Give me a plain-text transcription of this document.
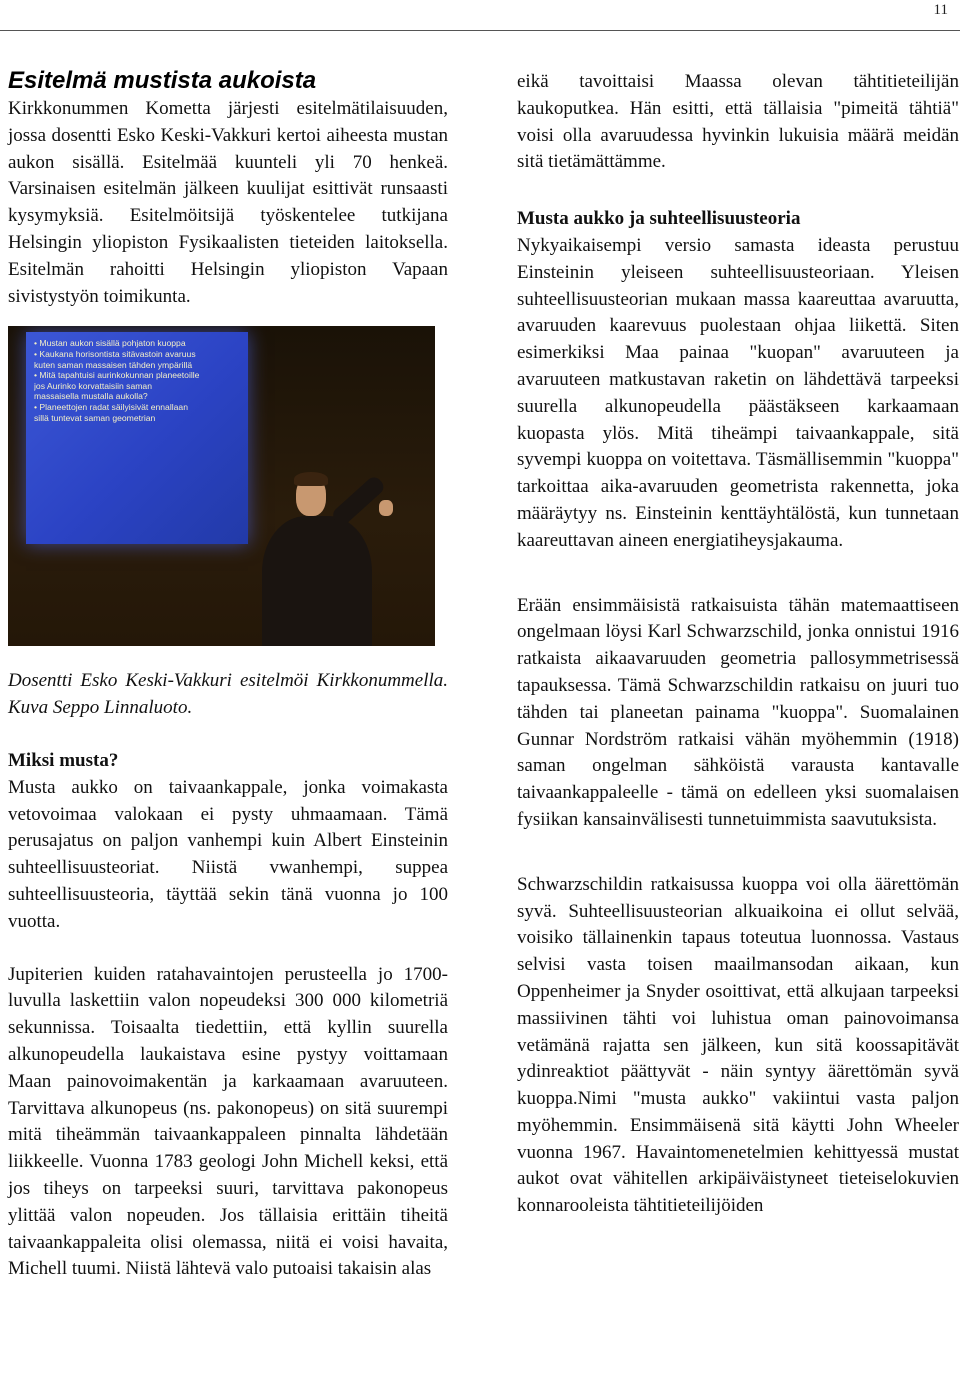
11
Esitelmä mustista aukoista

Kirkkonummen Kometta järjesti esitelmätilaisuuden, jossa dosentti Esko Keski-Vakkuri kertoi aiheesta mustan aukon sisällä. Esitelmää kuunteli yli 70 henkeä. Varsinaisen esitelmän jälkeen kuulijat esittivät runsaasti kysymyksiä. Esitelmöitsijä työskentelee tutkijana Helsingin yliopiston Fysikaalisten tieteiden laitoksella. Esitelmän rahoitti Helsingin yliopiston Vapaan sivistystyön toimikunta.

• Mustan aukon sisällä pohjaton kuoppa
• Kaukana horisontista sitävastoin avaruus
kuten saman massaisen tähden ympärillä
• Mitä tapahtuisi aurinkokunnan planeetoille
jos Aurinko korvattaisiin saman
massaisella mustalla aukolla?
• Planeettojen radat säilyisivät ennallaan
sillä tuntevat saman geometrian

Dosentti Esko Keski-Vakkuri esitelmöi Kirkkonummella. Kuva Seppo Linnaluoto.

Miksi musta?

Musta aukko on taivaankappale, jonka voimakasta vetovoimaa valokaan ei pysty uhmaamaan. Tämä perusajatus on paljon vanhempi kuin Albert Einsteinin suhteellisuusteoriat. Niistä vwanhempi, suppea suhteellisuusteoria, täyttää sekin tänä vuonna jo 100 vuotta.

Jupiterien kuiden ratahavaintojen perusteella jo 1700-luvulla laskettiin valon nopeudeksi 300 000 kilometriä sekunnissa. Toisaalta tiedettiin, että kyllin suurella alkunopeudella laukaistava esine pystyy voittamaan Maan painovoimakentän ja karkaamaan avaruuteen. Tarvittava alkunopeus (ns. pakonopeus) on sitä suurempi mitä tiheämmän taivaankappaleen pinnalta lähdetään liikkeelle. Vuonna 1783 geologi John Michell keksi, että jos tiheys on tarpeeksi suuri, tarvittava pakonopeus ylittää valon nopeuden. Jos tällaisia erittäin tiheitä taivaankappaleita olisi olemassa, niitä ei voisi havaita, Michell tuumi. Niistä lähtevä valo putoaisi takaisin alas

eikä tavoittaisi Maassa olevan tähtitieteilijän kaukoputkea. Hän esitti, että tällaisia "pimeitä tähtiä" voisi olla avaruudessa hyvinkin lukuisia määrä meidän sitä tietämättämme.

Musta aukko ja suhteellisuusteoria

Nykyaikaisempi versio samasta ideasta perustuu Einsteinin yleiseen suhteellisuusteoriaan. Yleisen suhteellisuusteorian mukaan massa kaareuttaa avaruutta, avaruuden kaarevuus puolestaan ohjaa liikettä. Siten esimerkiksi Maa painaa "kuopan" avaruuteen ja avaruuteen matkustavan raketin on lähdettävä tarpeeksi suurella alkunopeudella päästäkseen karkaamaan kuopasta ylös. Mitä tiheämpi taivaankappale, sitä syvempi kuoppa on voitettava. Täsmällisemmin "kuoppa" tarkoittaa aika-avaruuden geometrista rakennetta, joka määräytyy ns. Einsteinin kenttäyhtälöstä, kun tunnetaan kaareuttavan aineen energiatiheysjakauma.

Erään ensimmäisistä ratkaisuista tähän matemaattiseen ongelmaan löysi Karl Schwarzschild, jonka onnistui 1916 ratkaista aikaavaruuden geometria pallosymmetrisessä tapauksessa. Tämä Schwarzschildin ratkaisu on juuri tuo tähden tai planeetan painama "kuoppa". Suomalainen Gunnar Nordström ratkaisi vähän myöhemmin (1918) saman ongelman sähköistä varausta kantavalle taivaankappaleelle - tämä on edelleen yksi suomalaisen fysiikan kansainvälisesti tunnetuimmista saavutuksista.

Schwarzschildin ratkaisussa kuoppa voi olla äärettömän syvä. Suhteellisuusteorian alkuaikoina ei ollut selvää, voisiko tällainenkin tapaus toteutua luonnossa. Vastaus selvisi vasta toisen maailmansodan aikaan, kun Oppenheimer ja Snyder osoittivat, että alkujaan tarpeeksi massiivinen tähti voi luhistua oman painovoimansa vetämänä rajatta sen jälkeen, kun sitä koossapitävät ydinreaktiot päättyvät - näin syntyy äärettömän syvä kuoppa.Nimi "musta aukko" vakiintui vasta paljon myöhemmin. Ensimmäisenä sitä käytti John Wheeler vuonna 1967. Havaintomenetelmien kehittyessä mustat aukot ovat vähitellen arkipäiväistyneet tieteiselokuvien konnarooleista tähtitieteilijöiden
